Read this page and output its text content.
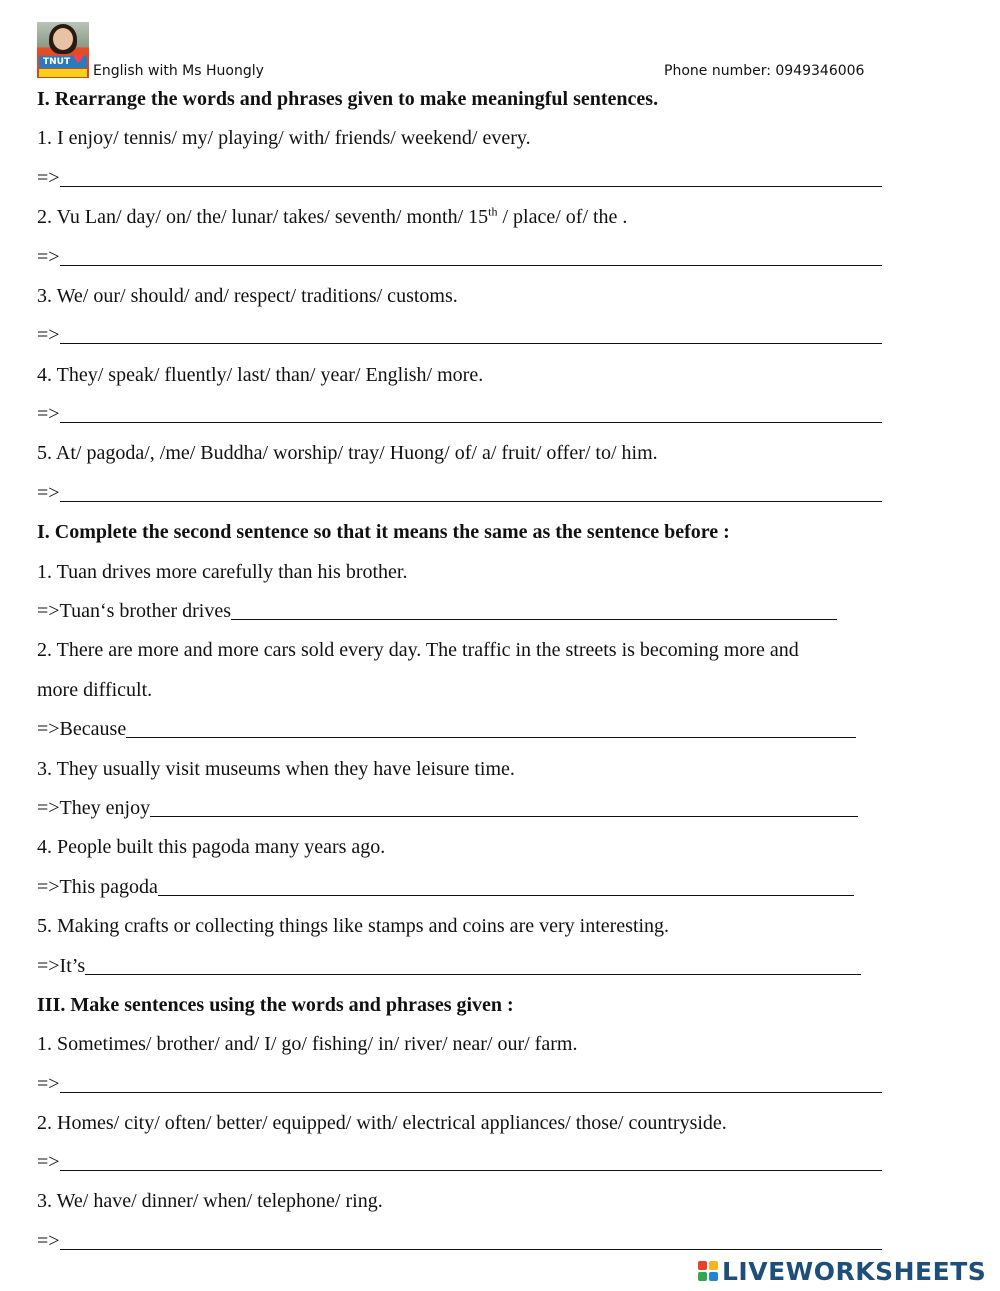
TNUT ♥
English with Ms Huongly	Phone number: 0949346006
I. Rearrange the words and phrases given to make meaningful sentences.
1. I enjoy/ tennis/ my/ playing/ with/ friends/ weekend/ every.
=>
2. Vu Lan/ day/ on/ the/ lunar/ takes/ seventh/ month/ 15th / place/ of/ the .
=>
3. We/ our/ should/ and/ respect/ traditions/ customs.
=>
4. They/ speak/ fluently/ last/ than/ year/ English/ more.
=>
5. At/ pagoda/, /me/ Buddha/ worship/ tray/ Huong/ of/ a/ fruit/ offer/ to/ him.
=>
I. Complete the second sentence so that it means the same as the sentence before :
1. Tuan drives more carefully than his brother.
=>Tuan‘s brother drives
2. There are more and more cars sold every day. The traffic in the streets is becoming more and
more difficult.
=>Because
3. They usually visit museums when they have leisure time.
=>They enjoy
4. People built this pagoda many years ago.
=>This pagoda
5. Making crafts or collecting things like stamps and coins are very interesting.
=>It’s
III. Make sentences using the words and phrases given :
1. Sometimes/ brother/ and/ I/ go/ fishing/ in/ river/ near/ our/ farm.
=>
2. Homes/ city/ often/ better/ equipped/ with/ electrical appliances/ those/ countryside.
=>
3. We/ have/ dinner/ when/ telephone/ ring.
=>
LIVEWORKSHEETS
